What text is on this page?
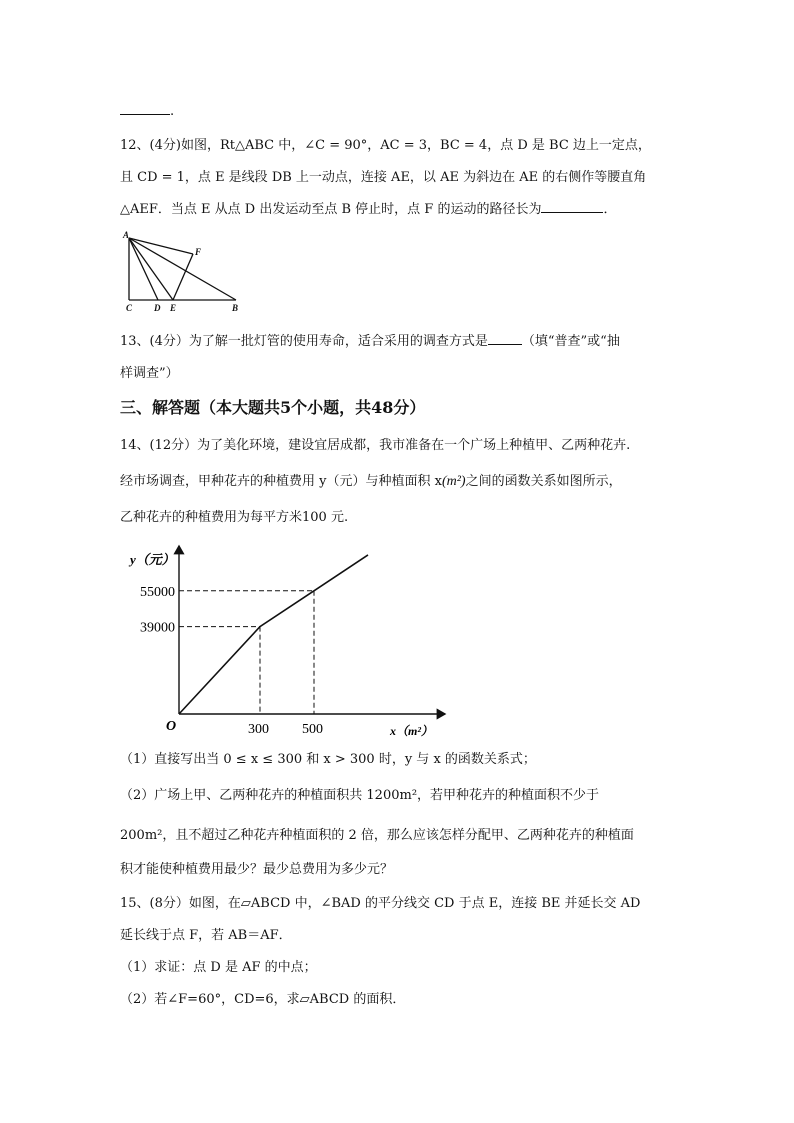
.
12、(4分)如图，Rt△ABC 中，∠C = 90°，AC = 3，BC = 4，点 D 是 BC 边上一定点，
且 CD = 1，点 E 是线段 DB 上一动点，连接 AE，以 AE 为斜边在 AE 的右侧作等腰直角
△AEF．当点 E 从点 D 出发运动至点 B 停止时，点 F 的运动的路径长为	．
A
F
C D E	B
13、(4分）为了解一批灯管的使用寿命，适合采用的调查方式是	（填“普查”或“抽
样调查”）
三、解答题（本大题共5个小题，共48分）
14、(12分）为了美化环境，建设宜居成都，我市准备在一个广场上种植甲、乙两种花卉.
经市场调查，甲种花卉的种植费用 y（元）与种植面积 x(m²)之间的函数关系如图所示，
乙种花卉的种植费用为每平方米100 元.
y（元）
x（m²）
O	300
39000
500
55000
（1）直接写出当 0 ≤ x ≤ 300 和 x > 300 时，y 与 x 的函数关系式；
（2）广场上甲、乙两种花卉的种植面积共 1200m²，若甲种花卉的种植面积不少于
200m²，且不超过乙种花卉种植面积的 2 倍，那么应该怎样分配甲、乙两种花卉的种植面
积才能使种植费用最少？最少总费用为多少元？
15、(8分）如图，在▱ABCD 中，∠BAD 的平分线交 CD 于点 E，连接 BE 并延长交 AD
延长线于点 F，若 AB＝AF．
（1）求证：点 D 是 AF 的中点；
（2）若∠F=60°，CD=6，求▱ABCD 的面积．
